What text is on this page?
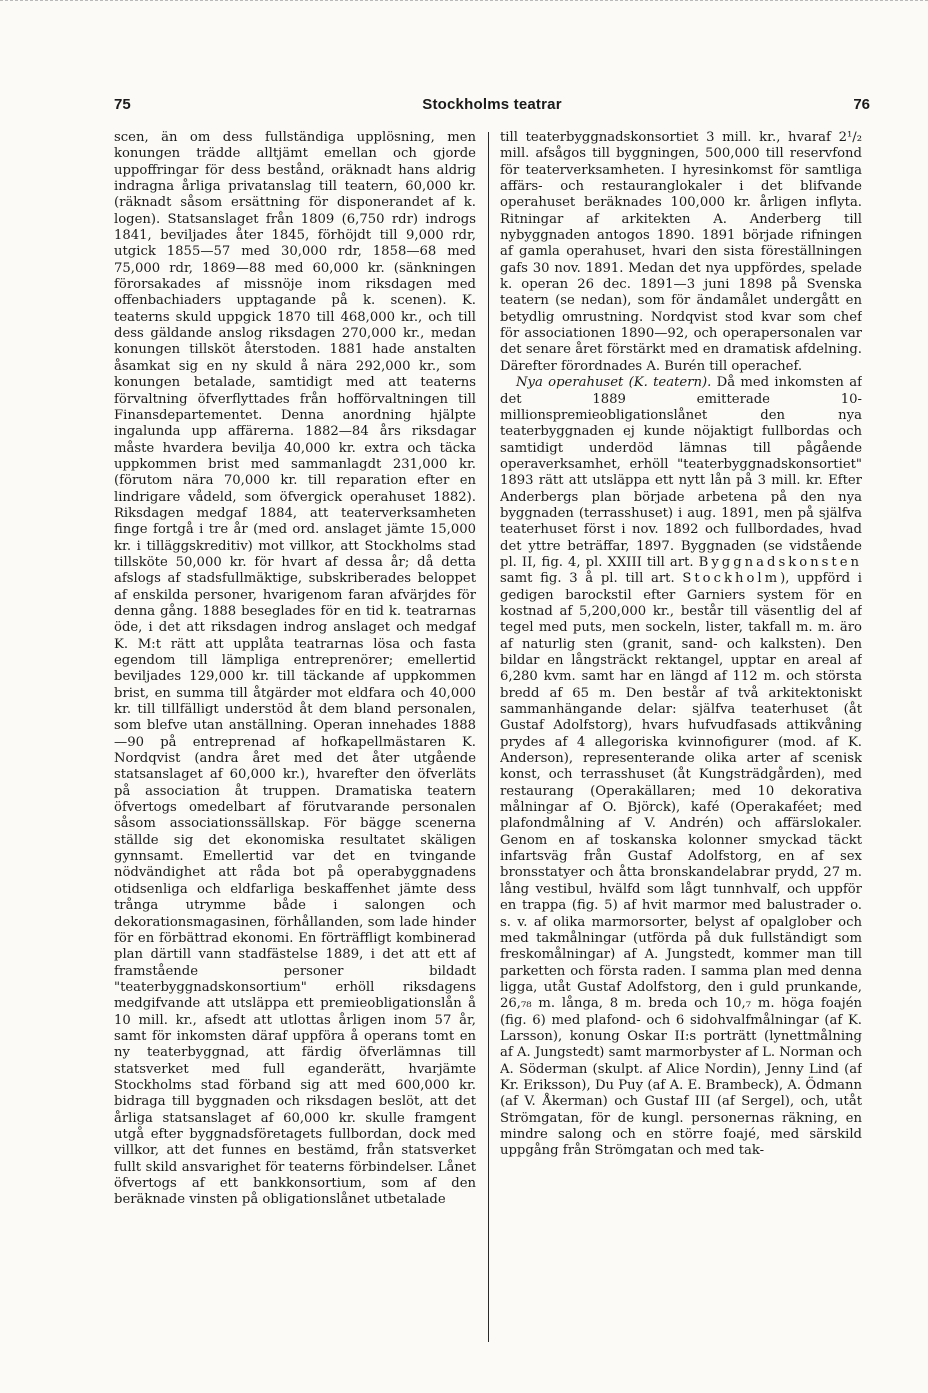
75	Stockholms teatrar	76

scen, än om dess fullständiga upplösning, men konungen trädde alltjämt emellan och gjorde uppoffringar för dess bestånd, oräknadt hans aldrig indragna årliga privatanslag till teatern, 60,000 kr. (räknadt såsom ersättning för disponerandet af k. logen). Statsanslaget från 1809 (6,750 rdr) indrogs 1841, beviljades åter 1845, förhöjdt till 9,000 rdr, utgick 1855—57 med 30,000 rdr, 1858—68 med 75,000 rdr, 1869—88 med 60,000 kr. (sänkningen förorsakades af missnöje inom riksdagen med offenbachiaders upptagande på k. scenen). K. teaterns skuld uppgick 1870 till 468,000 kr., och till dess gäldande anslog riksdagen 270,000 kr., medan konungen tillsköt återstoden. 1881 hade anstalten åsamkat sig en ny skuld å nära 292,000 kr., som konungen betalade, samtidigt med att teaterns förvaltning öfverflyttades från hofförvaltningen till Finansdepartementet. Denna anordning hjälpte ingalunda upp affärerna. 1882—84 års riksdagar måste hvardera bevilja 40,000 kr. extra och täcka uppkommen brist med sammanlagdt 231,000 kr. (förutom nära 70,000 kr. till reparation efter en lindrigare vådeld, som öfvergick operahuset 1882). Riksdagen medgaf 1884, att teaterverksamheten finge fortgå i tre år (med ord. anslaget jämte 15,000 kr. i tilläggskreditiv) mot villkor, att Stockholms stad tillsköte 50,000 kr. för hvart af dessa år; då detta afslogs af stadsfullmäktige, subskriberades beloppet af enskilda personer, hvarigenom faran afvärjdes för denna gång. 1888 beseglades för en tid k. teatrarnas öde, i det att riksdagen indrog anslaget och medgaf K. M:t rätt att upplåta teatrarnas lösa och fasta egendom till lämpliga entreprenörer; emellertid beviljades 129,000 kr. till täckande af uppkommen brist, en summa till åtgärder mot eldfara och 40,000 kr. till tillfälligt understöd åt dem bland personalen, som blefve utan anställning. Operan innehades 1888—90 på entreprenad af hofkapellmästaren K. Nordqvist (andra året med det åter utgående statsanslaget af 60,000 kr.), hvarefter den öfverläts på association åt truppen. Dramatiska teatern öfvertogs omedelbart af förutvarande personalen såsom associationssällskap. För bägge scenerna ställde sig det ekonomiska resultatet skäligen gynnsamt. Emellertid var det en tvingande nödvändighet att råda bot på operabyggnadens otidsenliga och eldfarliga beskaffenhet jämte dess trånga utrymme både i salongen och dekorationsmagasinen, förhållanden, som lade hinder för en förbättrad ekonomi. En förträffligt kombinerad plan därtill vann stadfästelse 1889, i det att ett af framstående personer bildadt "teaterbyggnadskonsortium" erhöll riksdagens medgifvande att utsläppa ett premieobligationslån å 10 mill. kr., afsedt att utlottas årligen inom 57 år, samt för inkomsten däraf uppföra å operans tomt en ny teaterbyggnad, att färdig öfverlämnas till statsverket med full eganderätt, hvarjämte Stockholms stad förband sig att med 600,000 kr. bidraga till byggnaden och riksdagen beslöt, att det årliga statsanslaget af 60,000 kr. skulle framgent utgå efter byggnadsföretagets fullbordan, dock med villkor, att det funnes en bestämd, från statsverket fullt skild ansvarighet för teaterns förbindelser. Lånet öfvertogs af ett bankkonsortium, som af den beräknade vinsten på obligationslånet utbetalade

till teaterbyggnadskonsortiet 3 mill. kr., hvaraf 2¹/₂ mill. afsågos till byggningen, 500,000 till reservfond för teaterverksamheten. I hyresinkomst för samtliga affärs- och restauranglokaler i det blifvande operahuset beräknades 100,000 kr. årligen inflyta. Ritningar af arkitekten A. Anderberg till nybyggnaden antogos 1890. 1891 började rifningen af gamla operahuset, hvari den sista föreställningen gafs 30 nov. 1891. Medan det nya uppfördes, spelade k. operan 26 dec. 1891—3 juni 1898 på Svenska teatern (se nedan), som för ändamålet undergått en betydlig omrustning. Nordqvist stod kvar som chef för associationen 1890—92, och operapersonalen var det senare året förstärkt med en dramatisk afdelning. Därefter förordnades A. Burén till operachef.

Nya operahuset (K. teatern). Då med inkomsten af det 1889 emitterade 10-millionspremieobligationslånet den nya teaterbyggnaden ej kunde nöjaktigt fullbordas och samtidigt underdöd lämnas till pågående operaverksamhet, erhöll "teaterbyggnadskonsortiet" 1893 rätt att utsläppa ett nytt lån på 3 mill. kr. Efter Anderbergs plan började arbetena på den nya byggnaden (terrasshuset) i aug. 1891, men på själfva teaterhuset först i nov. 1892 och fullbordades, hvad det yttre beträffar, 1897. Byggnaden (se vidstående pl. II, fig. 4, pl. XXIII till art. Byggnadskonsten samt fig. 3 å pl. till art. Stockholm), uppförd i gedigen barockstil efter Garniers system för en kostnad af 5,200,000 kr., består till väsentlig del af tegel med puts, men sockeln, lister, takfall m. m. äro af naturlig sten (granit, sand- och kalksten). Den bildar en långsträckt rektangel, upptar en areal af 6,280 kvm. samt har en längd af 112 m. och största bredd af 65 m. Den består af två arkitektoniskt sammanhängande delar: själfva teaterhuset (åt Gustaf Adolfstorg), hvars hufvudfasads attikvåning prydes af 4 allegoriska kvinnofigurer (mod. af K. Anderson), representerande olika arter af scenisk konst, och terrasshuset (åt Kungsträdgården), med restaurang (Operakällaren; med 10 dekorativa målningar af O. Björck), kafé (Operakaféet; med plafondmålning af V. Andrén) och affärslokaler. Genom en af toskanska kolonner smyckad täckt infartsväg från Gustaf Adolfstorg, en af sex bronsstatyer och åtta bronskandelabrar prydd, 27 m. lång vestibul, hvälfd som lågt tunnhvalf, och uppför en trappa (fig. 5) af hvit marmor med balustrader o. s. v. af olika marmorsorter, belyst af opalglober och med takmålningar (utförda på duk fullständigt som freskomålningar) af A. Jungstedt, kommer man till parketten och första raden. I samma plan med denna ligga, utåt Gustaf Adolfstorg, den i guld prunkande, 26,₇₈ m. långa, 8 m. breda och 10,₇ m. höga foajén (fig. 6) med plafond- och 6 sidohvalfmålningar (af K. Larsson), konung Oskar II:s porträtt (lynettmålning af A. Jungstedt) samt marmorbyster af L. Norman och A. Söderman (skulpt. af Alice Nordin), Jenny Lind (af Kr. Eriksson), Du Puy (af A. E. Brambeck), A. Ödmann (af V. Åkerman) och Gustaf III (af Sergel), och, utåt Strömgatan, för de kungl. personernas räkning, en mindre salong och en större foajé, med särskild uppgång från Strömgatan och med tak-
